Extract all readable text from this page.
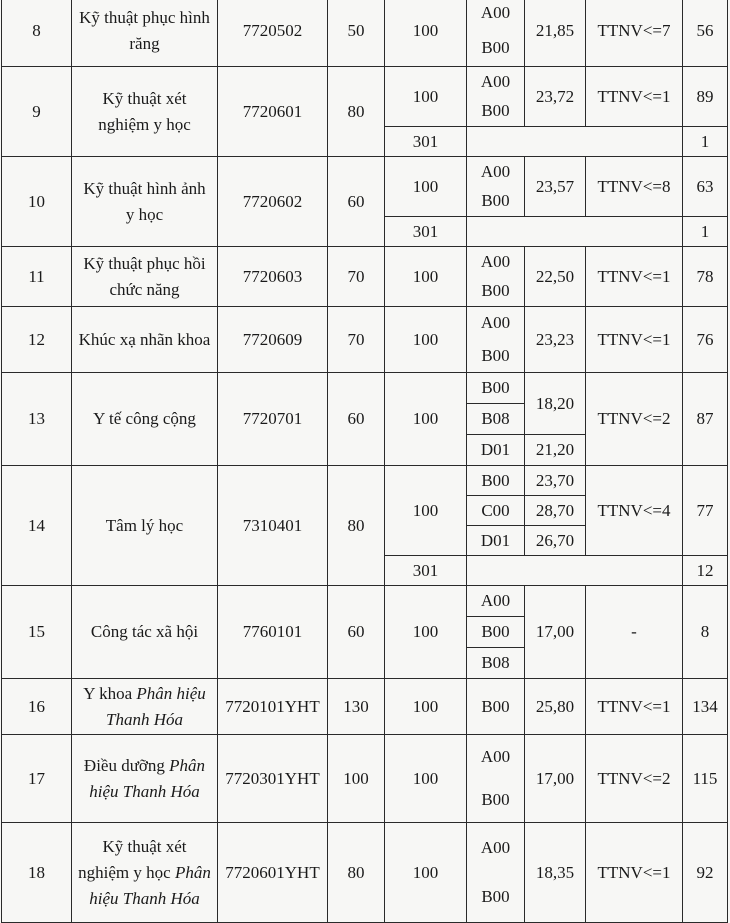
8	Kỹ thuật phục hình răng	7720502	50	100	A00	21,85	TTNV<=7	56
					B00			
9	Kỹ thuật xét nghiệm y học	7720601	80	100	A00	23,72	TTNV<=1	89
					B00			
				301				1
10	Kỹ thuật hình ảnh y học	7720602	60	100	A00	23,57	TTNV<=8	63
					B00			
				301				1
11	Kỹ thuật phục hồi chức năng	7720603	70	100	A00	22,50	TTNV<=1	78
					B00			
12	Khúc xạ nhãn khoa	7720609	70	100	A00	23,23	TTNV<=1	76
					B00			
13	Y tế công cộng	7720701	60	100	B00	18,20	TTNV<=2	87
					B08			
					D01	21,20		
14	Tâm lý học	7310401	80	100	B00	23,70	TTNV<=4	77
					C00	28,70		
					D01	26,70		
				301				12
15	Công tác xã hội	7760101	60	100	A00	17,00	-	8
					B00			
					B08			
16	Y khoa Phân hiệu Thanh Hóa	7720101YHT	130	100	B00	25,80	TTNV<=1	134
17	Điều dưỡng Phân hiệu Thanh Hóa	7720301YHT	100	100	A00	17,00	TTNV<=2	115
					B00			
18	Kỹ thuật xét nghiệm y học Phân hiệu Thanh Hóa	7720601YHT	80	100	A00	18,35	TTNV<=1	92
					B00			
